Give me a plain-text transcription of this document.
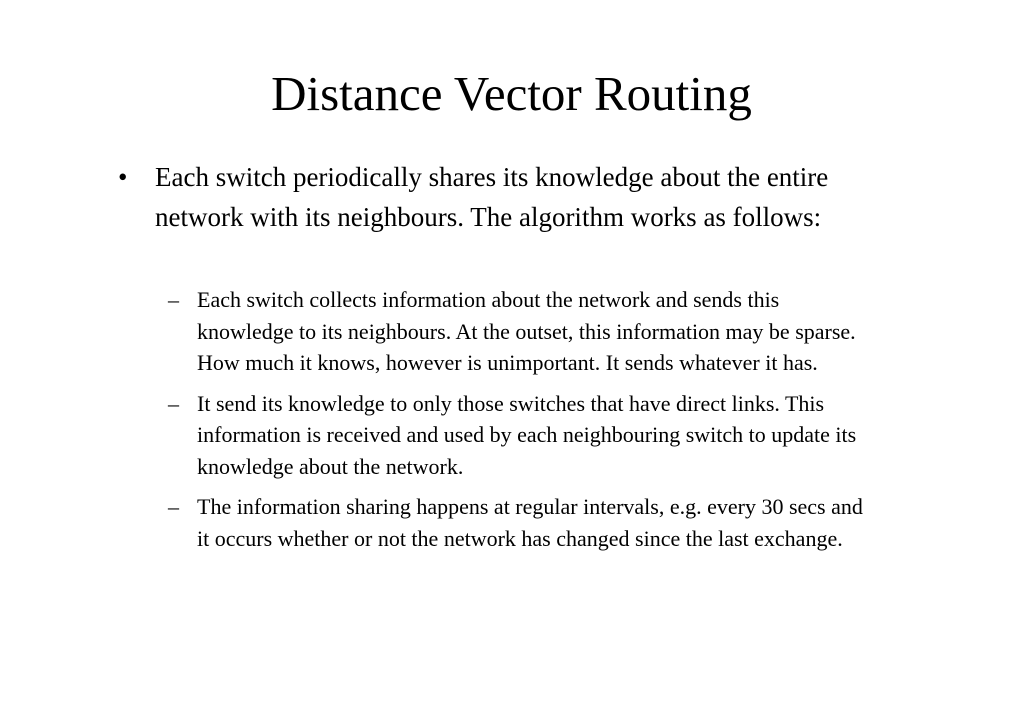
Distance Vector Routing
• Each switch periodically shares its knowledge about the entire network with its neighbours. The algorithm works as follows:
– Each switch collects information about the network and sends this knowledge to its neighbours. At the outset, this information may be sparse. How much it knows, however is unimportant. It sends whatever it has.
– It send its knowledge to only those switches that have direct links. This information is received and used by each neighbouring switch to update its knowledge about the network.
– The information sharing happens at regular intervals, e.g. every 30 secs and it occurs whether or not the network has changed since the last exchange.
